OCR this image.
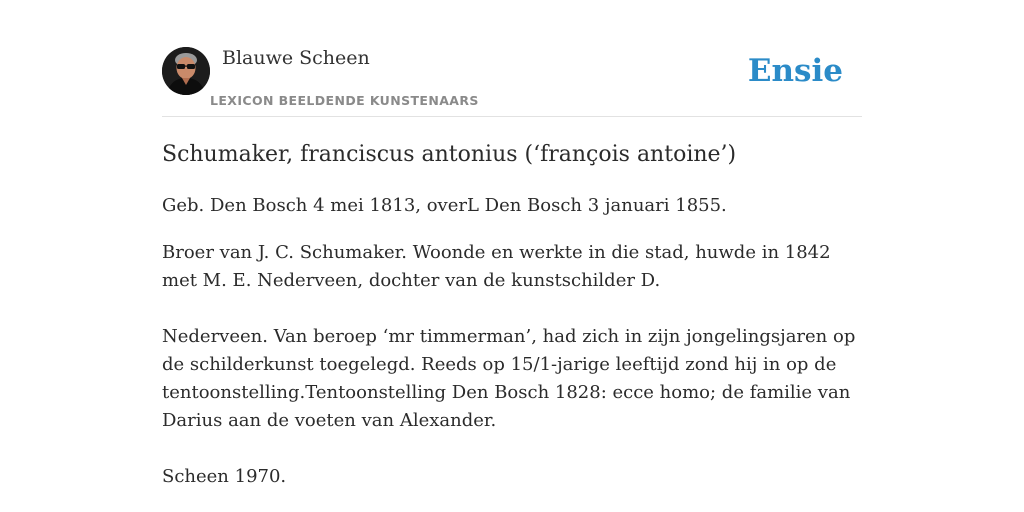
Blauwe Scheen
LEXICON BEELDENDE KUNSTENAARS
Ensie
Schumaker, franciscus antonius (‘françois antoine’)

Geb. Den Bosch 4 mei 1813, overL Den Bosch 3 januari 1855.

Broer van J. C. Schumaker. Woonde en werkte in die stad, huwde in 1842 met M. E. Nederveen, dochter van de kunstschilder D.

Nederveen. Van beroep ‘mr timmerman’, had zich in zijn jongelingsjaren op de schilderkunst toegelegd. Reeds op 15/1-jarige leeftijd zond hij in op de tentoonstelling.Tentoonstelling Den Bosch 1828: ecce homo; de familie van Darius aan de voeten van Alexander.

Scheen 1970.
